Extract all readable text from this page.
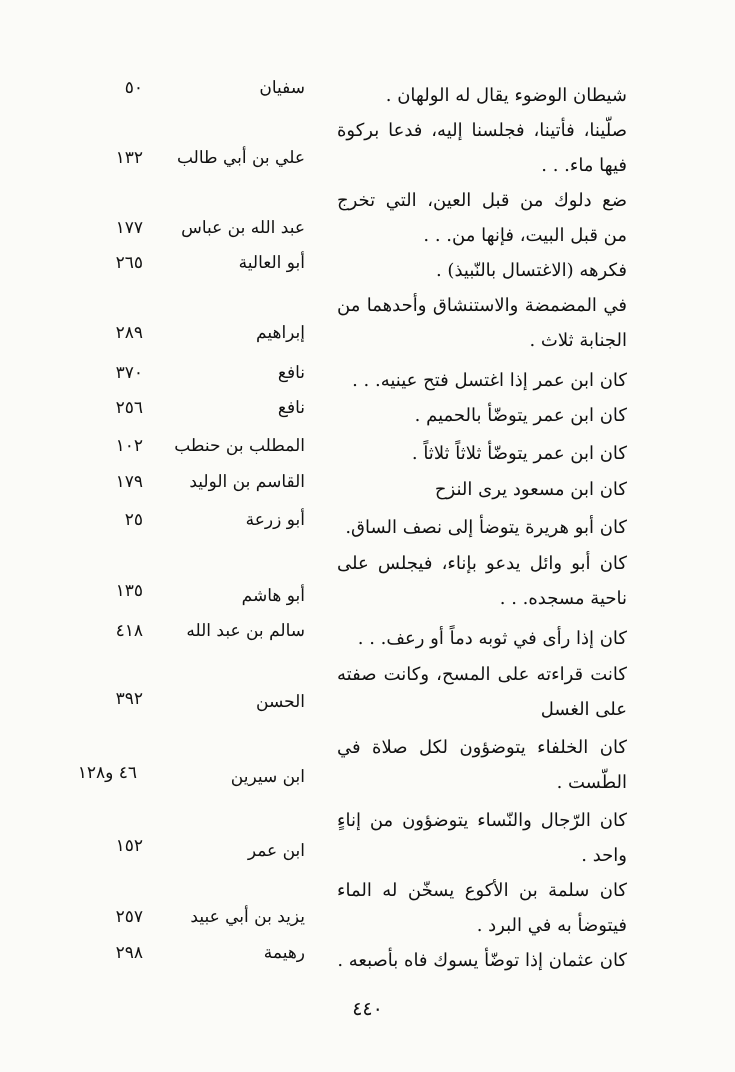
شيطان الوضوء يقال له الولهان .
سفيان
٥٠
صلّينا، فأتينا، فجلسنا إليه، فدعا بركوة فيها ماء. . .
علي بن أبي طالب
١٣٢
ضع دلوك من قبل العين، التي تخرج من قبل البيت، فإنها من. . .
عبد الله بن عباس
١٧٧
فكرهه (الاغتسال بالنّبيذ) .
أبو العالية
٢٦٥
في المضمضة والاستنشاق وأحدهما من الجنابة ثلاث .
إبراهيم
٢٨٩
كان ابن عمر إذا اغتسل فتح عينيه. . .
نافع
٣٧٠
كان ابن عمر يتوضّأ بالحميم .
نافع
٢٥٦
كان ابن عمر يتوضّأ ثلاثاً ثلاثاً .
المطلب بن حنطب
١٠٢
كان ابن مسعود يرى النزح
القاسم بن الوليد
١٧٩
كان أبو هريرة يتوضأ إلى نصف الساق.
أبو زرعة
٢٥
كان أبو وائل يدعو بإناء، فيجلس على ناحية مسجده. . .
أبو هاشم
١٣٥
كان إذا رأى في ثوبه دماً أو رعف. . .
سالم بن عبد الله
٤١٨
كانت قراءته على المسح، وكانت صفته على الغسل
الحسن
٣٩٢
كان الخلفاء يتوضؤون لكل صلاة في الطّست .
ابن سيرين
٤٦ و١٢٨
كان الرّجال والنّساء يتوضؤون من إناءٍ واحد .
ابن عمر
١٥٢
كان سلمة بن الأكوع يسخّن له الماء فيتوضأ به في البرد .
يزيد بن أبي عبيد
٢٥٧
كان عثمان إذا توضّأ يسوك فاه بأصبعه .
رهيمة
٢٩٨
٤٤٠
